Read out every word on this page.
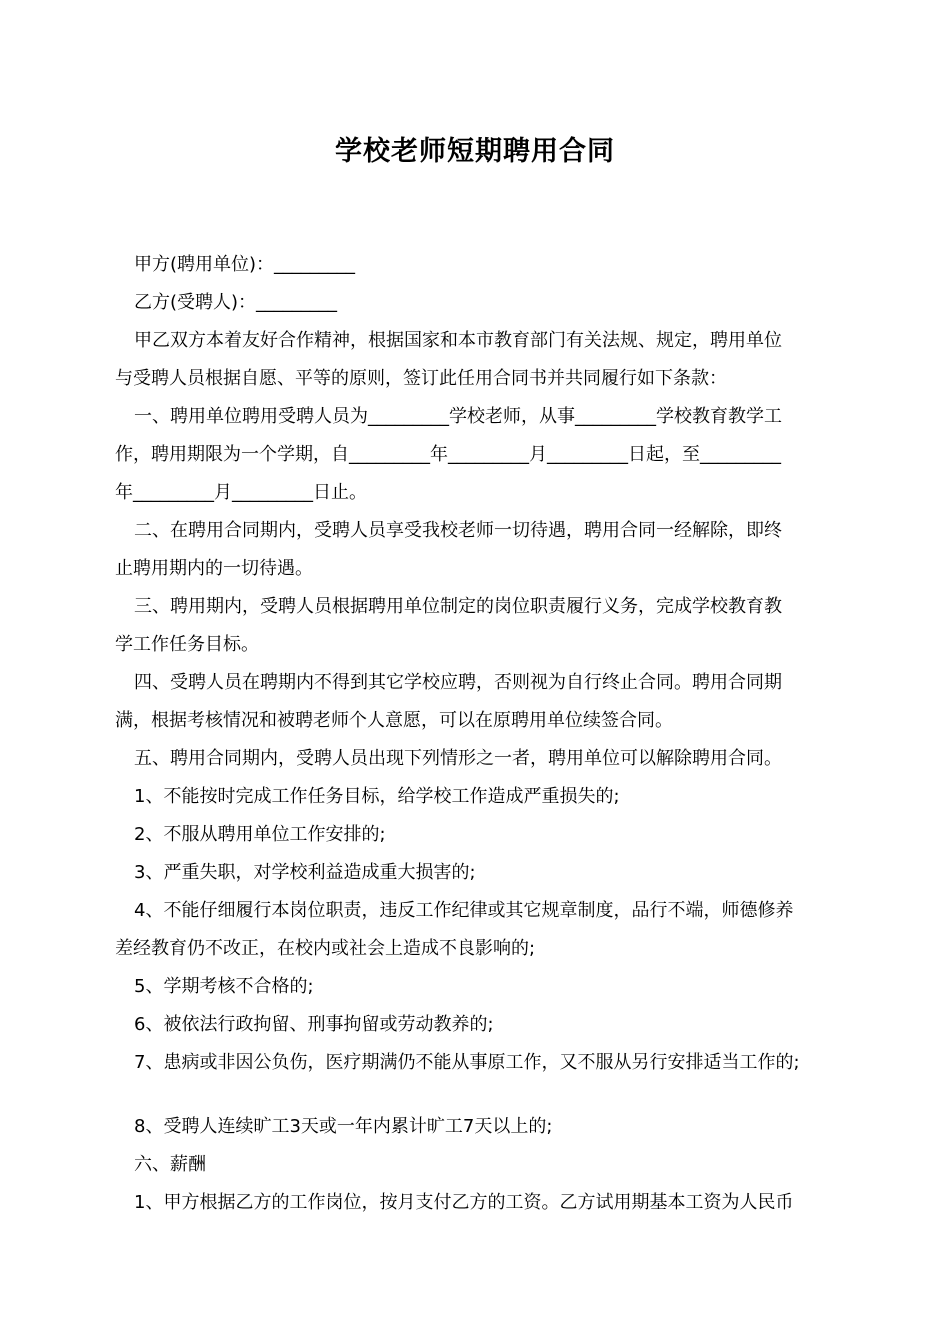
学校老师短期聘用合同
甲方(聘用单位)：_________
乙方(受聘人)：_________
甲乙双方本着友好合作精神，根据国家和本市教育部门有关法规、规定，聘用单位
与受聘人员根据自愿、平等的原则，签订此任用合同书并共同履行如下条款：
一、聘用单位聘用受聘人员为_________学校老师，从事_________学校教育教学工
作，聘用期限为一个学期，自_________年_________月_________日起，至_________
年_________月_________日止。
二、在聘用合同期内，受聘人员享受我校老师一切待遇，聘用合同一经解除，即终
止聘用期内的一切待遇。
三、聘用期内，受聘人员根据聘用单位制定的岗位职责履行义务，完成学校教育教
学工作任务目标。
四、受聘人员在聘期内不得到其它学校应聘，否则视为自行终止合同。聘用合同期
满，根据考核情况和被聘老师个人意愿，可以在原聘用单位续签合同。
五、聘用合同期内，受聘人员出现下列情形之一者，聘用单位可以解除聘用合同。
1、不能按时完成工作任务目标，给学校工作造成严重损失的;
2、不服从聘用单位工作安排的;
3、严重失职，对学校利益造成重大损害的;
4、不能仔细履行本岗位职责，违反工作纪律或其它规章制度，品行不端，师德修养
差经教育仍不改正，在校内或社会上造成不良影响的;
5、学期考核不合格的;
6、被依法行政拘留、刑事拘留或劳动教养的;
7、患病或非因公负伤，医疗期满仍不能从事原工作，又不服从另行安排适当工作的;
8、受聘人连续旷工3天或一年内累计旷工7天以上的;
六、薪酬
1、甲方根据乙方的工作岗位，按月支付乙方的工资。乙方试用期基本工资为人民币
